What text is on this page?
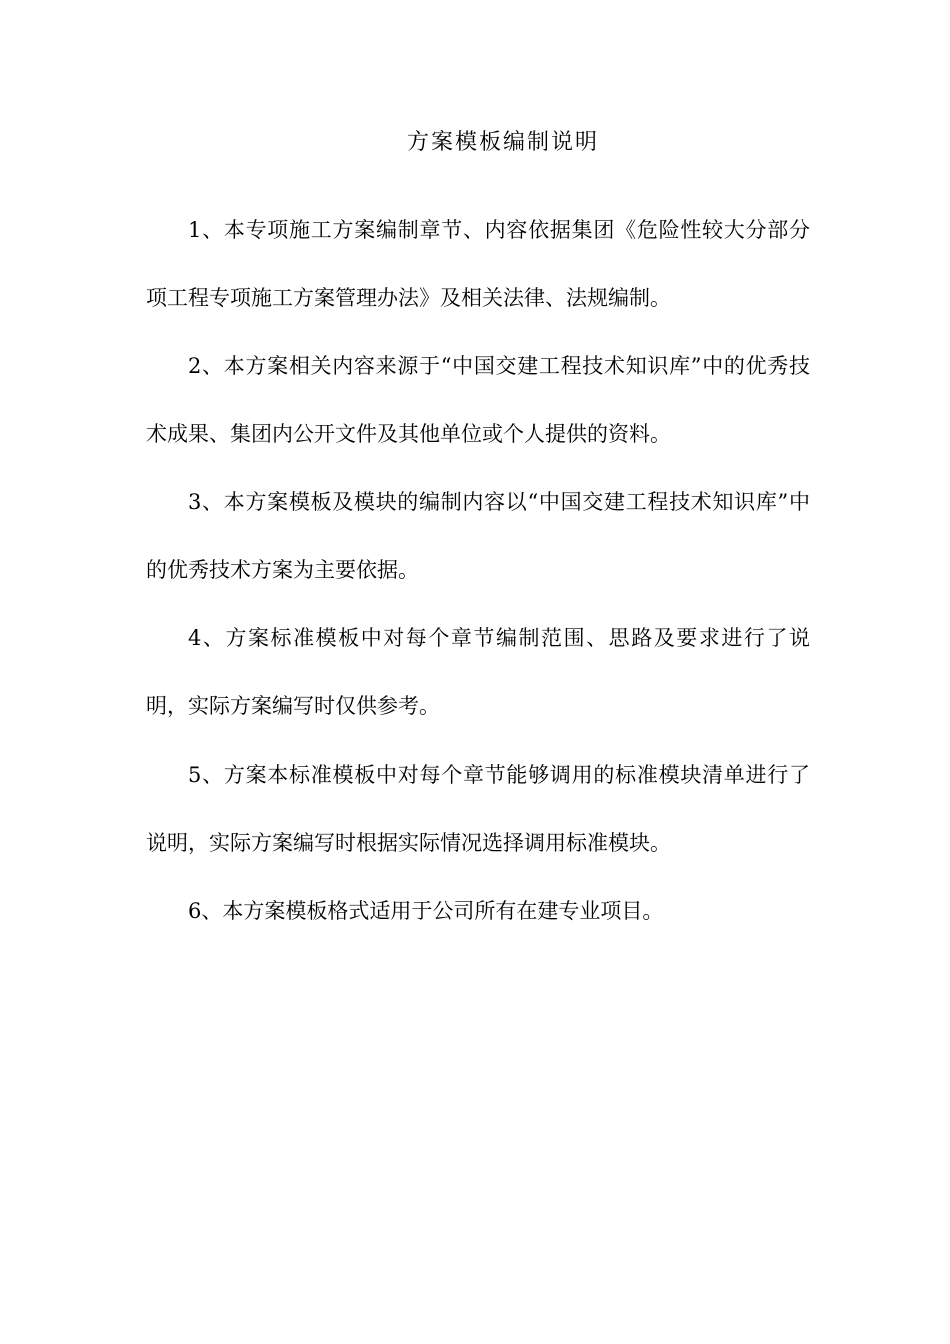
方案模板编制说明

1、本专项施工方案编制章节、内容依据集团《危险性较大分部分项工程专项施工方案管理办法》及相关法律、法规编制。

2、本方案相关内容来源于“中国交建工程技术知识库”中的优秀技术成果、集团内公开文件及其他单位或个人提供的资料。

3、本方案模板及模块的编制内容以“中国交建工程技术知识库”中的优秀技术方案为主要依据。

4、方案标准模板中对每个章节编制范围、思路及要求进行了说明，实际方案编写时仅供参考。

5、方案本标准模板中对每个章节能够调用的标准模块清单进行了说明，实际方案编写时根据实际情况选择调用标准模块。

6、本方案模板格式适用于公司所有在建专业项目。
